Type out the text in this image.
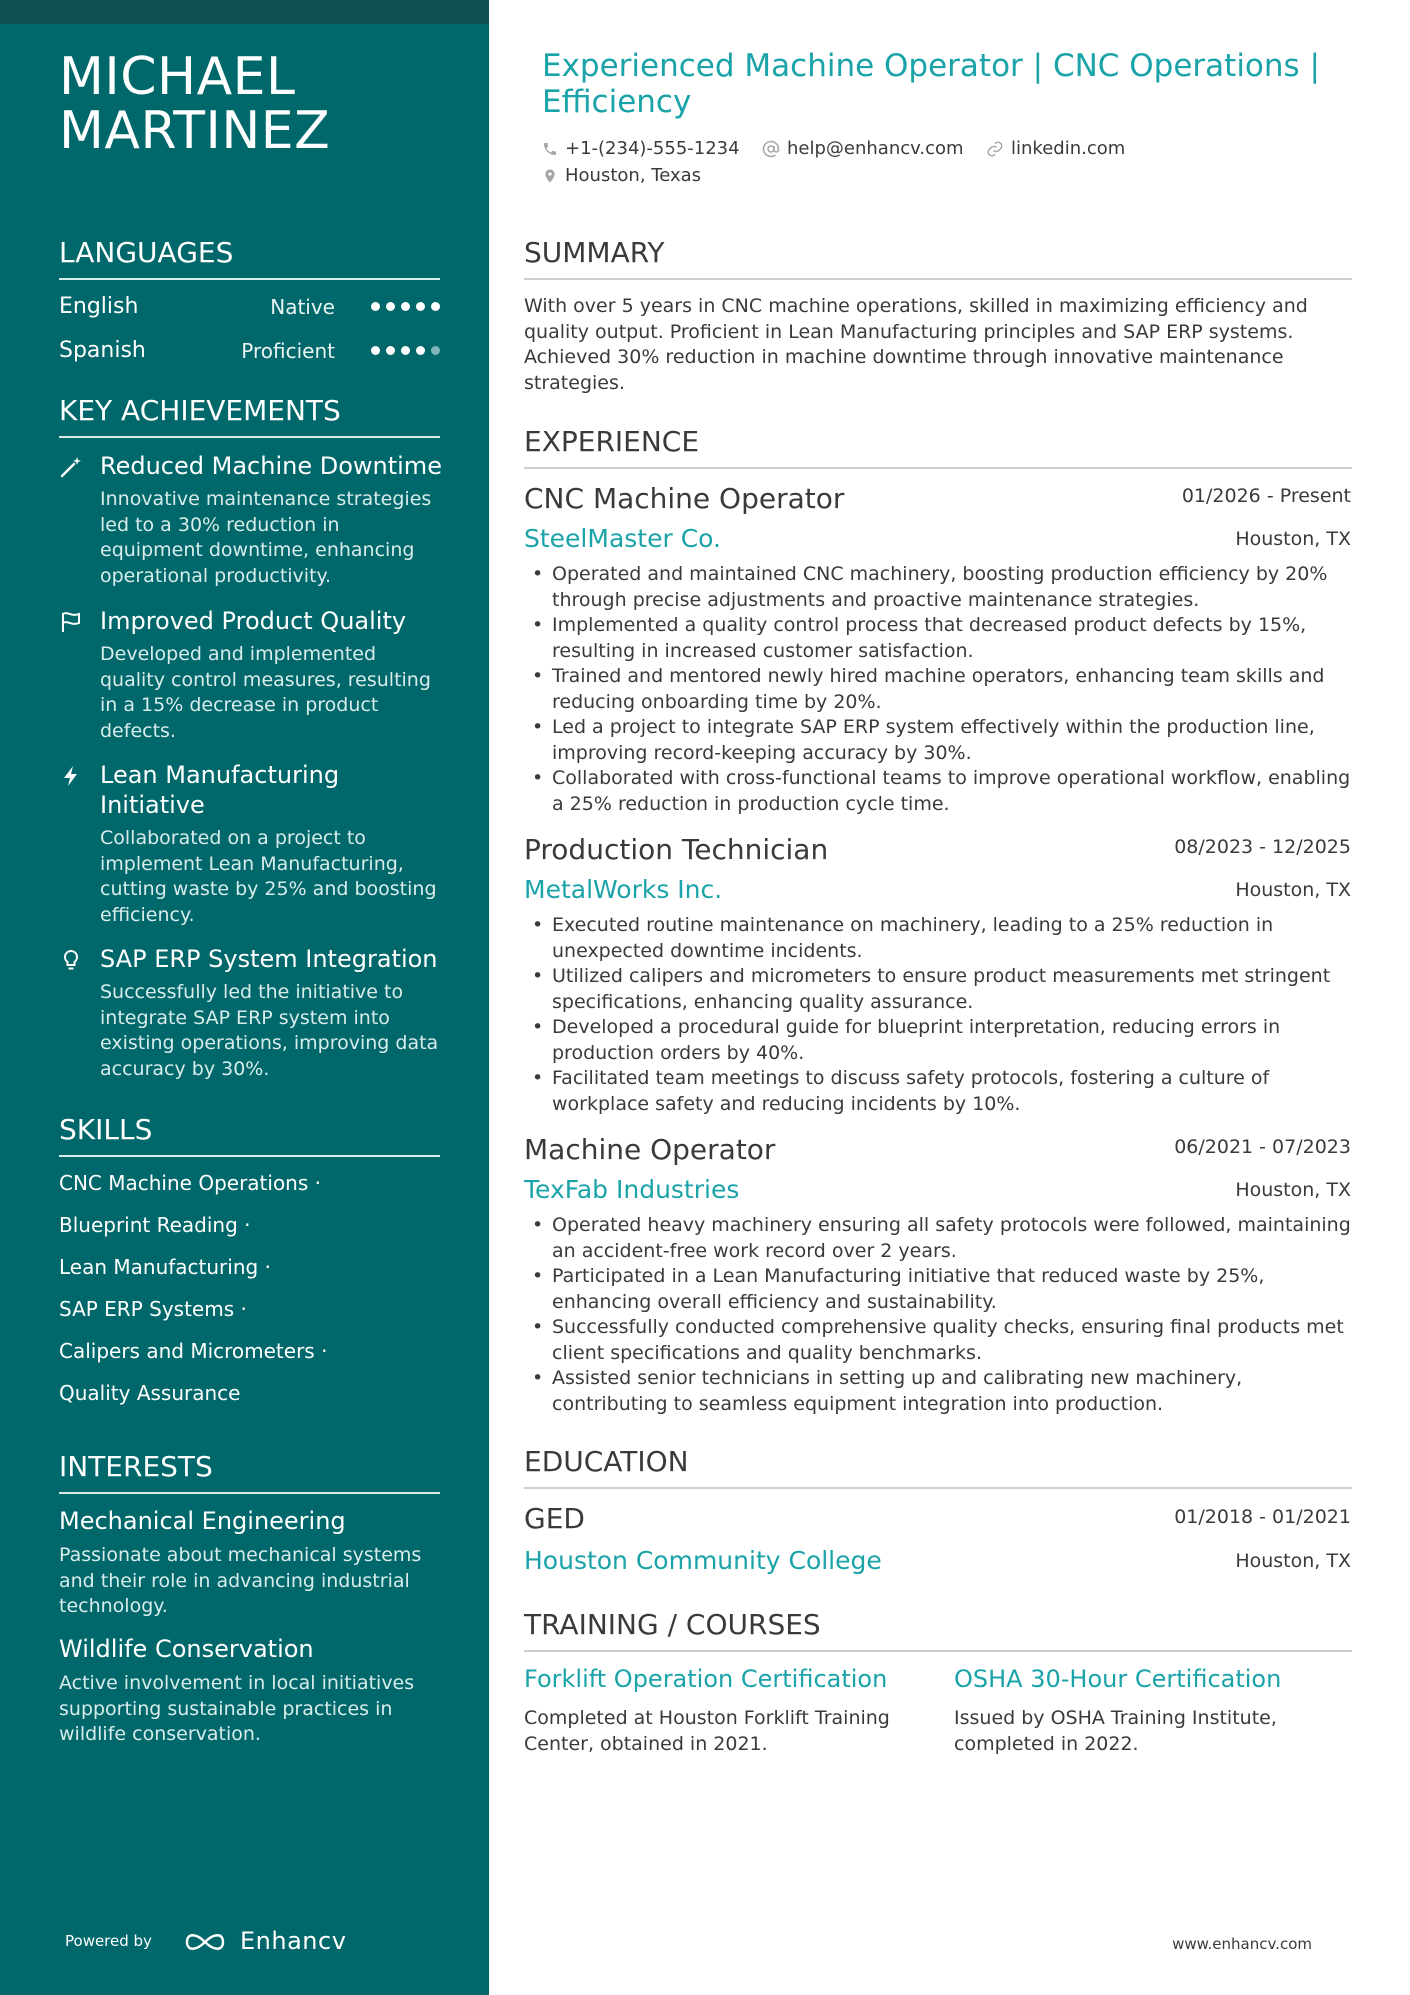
MICHAEL
MARTINEZ
LANGUAGES
English	Native
Spanish	Proficient
KEY ACHIEVEMENTS
Reduced Machine Downtime
Innovative maintenance strategies led to a 30% reduction in equipment downtime, enhancing operational productivity.
Improved Product Quality
Developed and implemented quality control measures, resulting in a 15% decrease in product defects.
Lean Manufacturing Initiative
Collaborated on a project to implement Lean Manufacturing, cutting waste by 25% and boosting efficiency.
SAP ERP System Integration
Successfully led the initiative to integrate SAP ERP system into existing operations, improving data accuracy by 30%.
SKILLS
CNC Machine Operations ·
Blueprint Reading ·
Lean Manufacturing ·
SAP ERP Systems ·
Calipers and Micrometers ·
Quality Assurance
INTERESTS
Mechanical Engineering
Passionate about mechanical systems and their role in advancing industrial technology.
Wildlife Conservation
Active involvement in local initiatives supporting sustainable practices in wildlife conservation.
Powered by	Enhancv
Experienced Machine Operator | CNC Operations | Efficiency
+1-(234)-555-1234	help@enhancv.com	linkedin.com
Houston, Texas
SUMMARY
With over 5 years in CNC machine operations, skilled in maximizing efficiency and quality output. Proficient in Lean Manufacturing principles and SAP ERP systems. Achieved 30% reduction in machine downtime through innovative maintenance strategies.
EXPERIENCE
CNC Machine Operator	01/2026 - Present
SteelMaster Co.	Houston, TX
• Operated and maintained CNC machinery, boosting production efficiency by 20% through precise adjustments and proactive maintenance strategies.
• Implemented a quality control process that decreased product defects by 15%, resulting in increased customer satisfaction.
• Trained and mentored newly hired machine operators, enhancing team skills and reducing onboarding time by 20%.
• Led a project to integrate SAP ERP system effectively within the production line, improving record-keeping accuracy by 30%.
• Collaborated with cross-functional teams to improve operational workflow, enabling a 25% reduction in production cycle time.
Production Technician	08/2023 - 12/2025
MetalWorks Inc.	Houston, TX
• Executed routine maintenance on machinery, leading to a 25% reduction in unexpected downtime incidents.
• Utilized calipers and micrometers to ensure product measurements met stringent specifications, enhancing quality assurance.
• Developed a procedural guide for blueprint interpretation, reducing errors in production orders by 40%.
• Facilitated team meetings to discuss safety protocols, fostering a culture of workplace safety and reducing incidents by 10%.
Machine Operator	06/2021 - 07/2023
TexFab Industries	Houston, TX
• Operated heavy machinery ensuring all safety protocols were followed, maintaining an accident-free work record over 2 years.
• Participated in a Lean Manufacturing initiative that reduced waste by 25%, enhancing overall efficiency and sustainability.
• Successfully conducted comprehensive quality checks, ensuring final products met client specifications and quality benchmarks.
• Assisted senior technicians in setting up and calibrating new machinery, contributing to seamless equipment integration into production.
EDUCATION
GED	01/2018 - 01/2021
Houston Community College	Houston, TX
TRAINING / COURSES
Forklift Operation Certification
Completed at Houston Forklift Training Center, obtained in 2021.
OSHA 30-Hour Certification
Issued by OSHA Training Institute, completed in 2022.
www.enhancv.com
